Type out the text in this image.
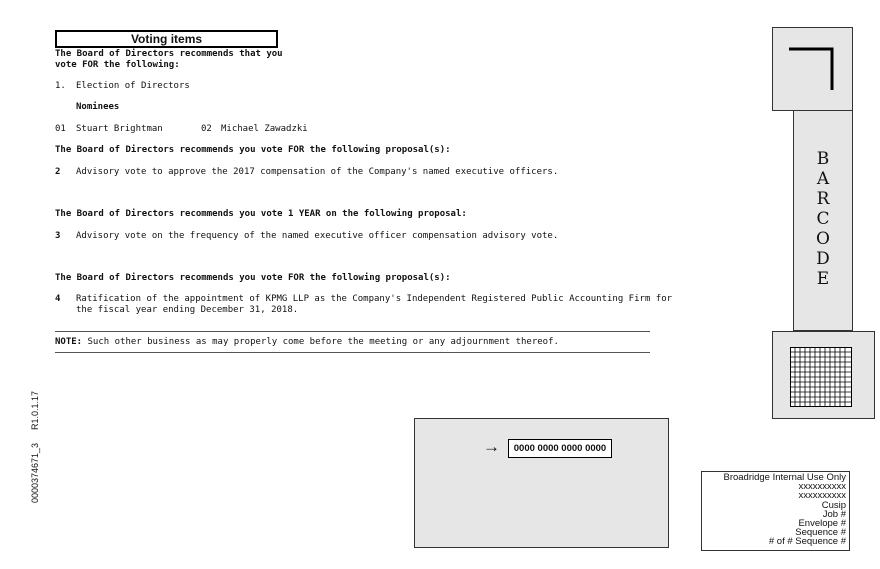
Voting items
The Board of Directors recommends that you
vote FOR the following:
1. Election of Directors
Nominees
01 Stuart Brightman	02 Michael Zawadzki
The Board of Directors recommends you vote FOR the following proposal(s):
2 Advisory vote to approve the 2017 compensation of the Company's named executive officers.
The Board of Directors recommends you vote 1 YEAR on the following proposal:
3 Advisory vote on the frequency of the named executive officer compensation advisory vote.
The Board of Directors recommends you vote FOR the following proposal(s):
4 Ratification of the appointment of KPMG LLP as the Company's Independent Registered Public Accounting Firm for
the fiscal year ending December 31, 2018.
NOTE: Such other business as may properly come before the meeting or any adjournment thereof.
B
A
R
C
O
D
E
0000374671_3
R1.0.1.17
→	0000 0000 0000 0000
Broadridge Internal Use Only
xxxxxxxxxx
xxxxxxxxxx
Cusip
Job #
Envelope #
Sequence #
# of # Sequence #
